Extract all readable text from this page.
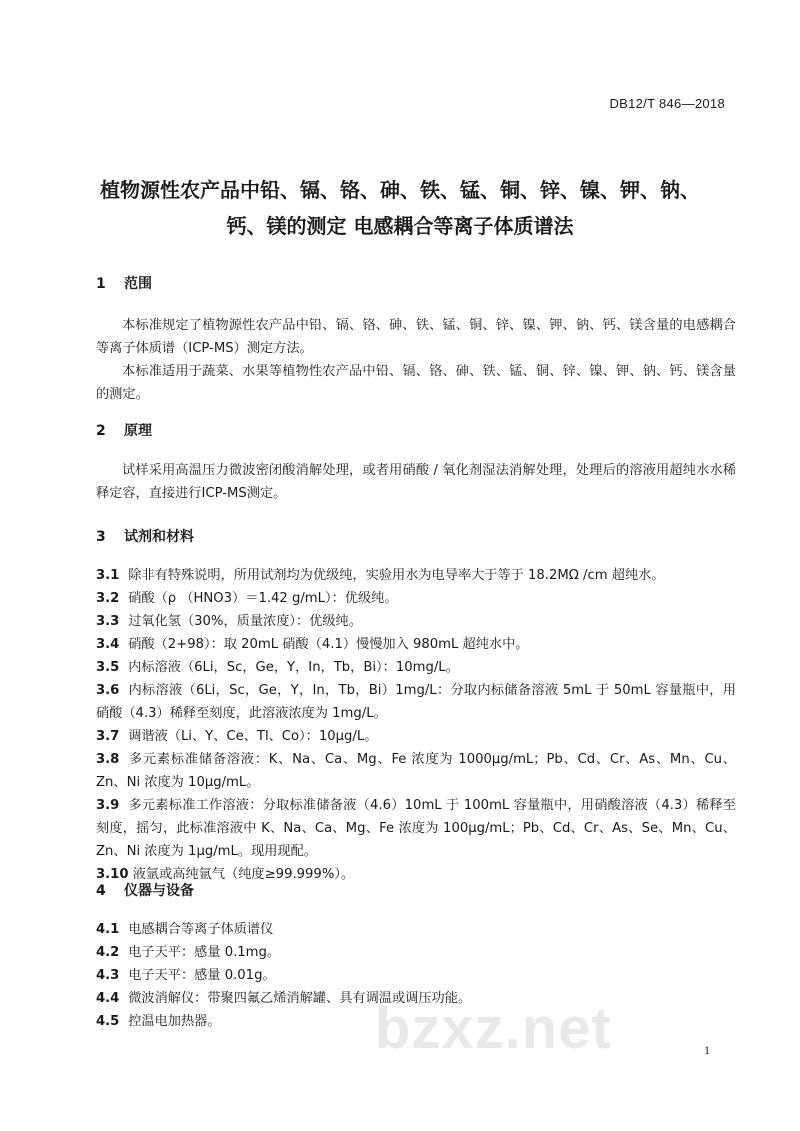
DB12/T 846—2018
植物源性农产品中铅、镉、铬、砷、铁、锰、铜、锌、镍、钾、钠、
钙、镁的测定 电感耦合等离子体质谱法
1 范围
本标准规定了植物源性农产品中铅、镉、铬、砷、铁、锰、铜、锌、镍、钾、钠、钙、镁含量的电感耦合等离子体质谱（ICP-MS）测定方法。
本标准适用于蔬菜、水果等植物性农产品中铅、镉、铬、砷、铁、锰、铜、锌、镍、钾、钠、钙、镁含量的测定。
2 原理
试样采用高温压力微波密闭酸消解处理，或者用硝酸 / 氧化剂湿法消解处理，处理后的溶液用超纯水水稀释定容，直接进行ICP-MS测定。
3 试剂和材料
3.1 除非有特殊说明，所用试剂均为优级纯，实验用水为电导率大于等于 18.2MΩ /cm 超纯水。
3.2 硝酸（ρ （HNO3）＝1.42 g/mL）：优级纯。
3.3 过氧化氢（30%，质量浓度）：优级纯。
3.4 硝酸（2+98）：取 20mL 硝酸（4.1）慢慢加入 980mL 超纯水中。
3.5 内标溶液（6Li，Sc，Ge，Y，In，Tb，Bi）：10mg/L。
3.6 内标溶液（6Li，Sc，Ge，Y，In，Tb，Bi）1mg/L：分取内标储备溶液 5mL 于 50mL 容量瓶中，用硝酸（4.3）稀释至刻度，此溶液浓度为 1mg/L。
3.7 调谐液（Li、Y、Ce、Tl、Co）：10μg/L。
3.8 多元素标准储备溶液：K、Na、Ca、Mg、Fe 浓度为 1000μg/mL；Pb、Cd、Cr、As、Mn、Cu、Zn、Ni 浓度为 10μg/mL。
3.9 多元素标准工作溶液：分取标准储备液（4.6）10mL 于 100mL 容量瓶中，用硝酸溶液（4.3）稀释至刻度，摇匀，此标准溶液中 K、Na、Ca、Mg、Fe 浓度为 100μg/mL；Pb、Cd、Cr、As、Se、Mn、Cu、Zn、Ni 浓度为 1μg/mL。现用现配。
3.10 液氩或高纯氩气（纯度≥99.999%）。
4 仪器与设备
4.1 电感耦合等离子体质谱仪
4.2 电子天平：感量 0.1mg。
4.3 电子天平：感量 0.01g。
4.4 微波消解仪：带聚四氟乙烯消解罐、具有调温或调压功能。
4.5 控温电加热器。	bzxz.net	1
